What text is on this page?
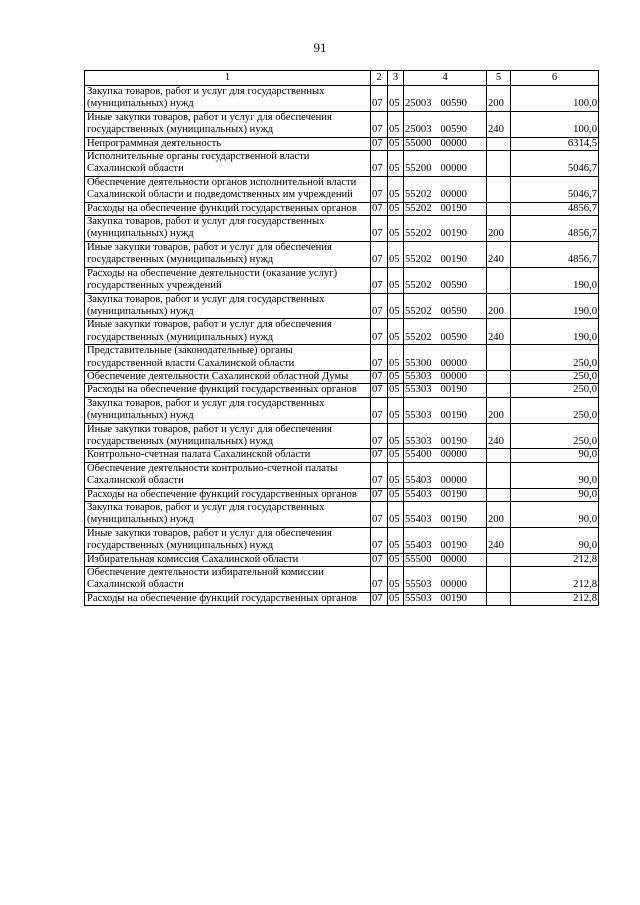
91
1	2	3	4	5	6
Закупка товаров, работ и услуг для государственных (муниципальных) нужд	07	05	25003 00590	200	100,0
Иные закупки товаров, работ и услуг для обеспечения государственных (муниципальных) нужд	07	05	25003 00590	240	100,0
Непрограммная деятельность	07	05	55000 00000		6314,5
Исполнительные органы государственной власти Сахалинской области	07	05	55200 00000		5046,7
Обеспечение деятельности органов исполнительной власти Сахалинской области и подведомственных им учреждений	07	05	55202 00000		5046,7
Расходы на обеспечение функций государственных органов	07	05	55202 00190		4856,7
Закупка товаров, работ и услуг для государственных (муниципальных) нужд	07	05	55202 00190	200	4856,7
Иные закупки товаров, работ и услуг для обеспечения государственных (муниципальных) нужд	07	05	55202 00190	240	4856,7
Расходы на обеспечение деятельности (оказание услуг) государственных учреждений	07	05	55202 00590		190,0
Закупка товаров, работ и услуг для государственных (муниципальных) нужд	07	05	55202 00590	200	190,0
Иные закупки товаров, работ и услуг для обеспечения государственных (муниципальных) нужд	07	05	55202 00590	240	190,0
Представительные (законодательные) органы государственной власти Сахалинской области	07	05	55300 00000		250,0
Обеспечение деятельности Сахалинской областной Думы	07	05	55303 00000		250,0
Расходы на обеспечение функций государственных органов	07	05	55303 00190		250,0
Закупка товаров, работ и услуг для государственных (муниципальных) нужд	07	05	55303 00190	200	250,0
Иные закупки товаров, работ и услуг для обеспечения государственных (муниципальных) нужд	07	05	55303 00190	240	250,0
Контрольно-счетная палата Сахалинской области	07	05	55400 00000		90,0
Обеспечение деятельности контрольно-счетной палаты Сахалинской области	07	05	55403 00000		90,0
Расходы на обеспечение функций государственных органов	07	05	55403 00190		90,0
Закупка товаров, работ и услуг для государственных (муниципальных) нужд	07	05	55403 00190	200	90,0
Иные закупки товаров, работ и услуг для обеспечения государственных (муниципальных) нужд	07	05	55403 00190	240	90,0
Избирательная комиссия Сахалинской области	07	05	55500 00000		212,8
Обеспечение деятельности избирательной комиссии Сахалинской области	07	05	55503 00000		212,8
Расходы на обеспечение функций государственных органов	07	05	55503 00190		212,8
